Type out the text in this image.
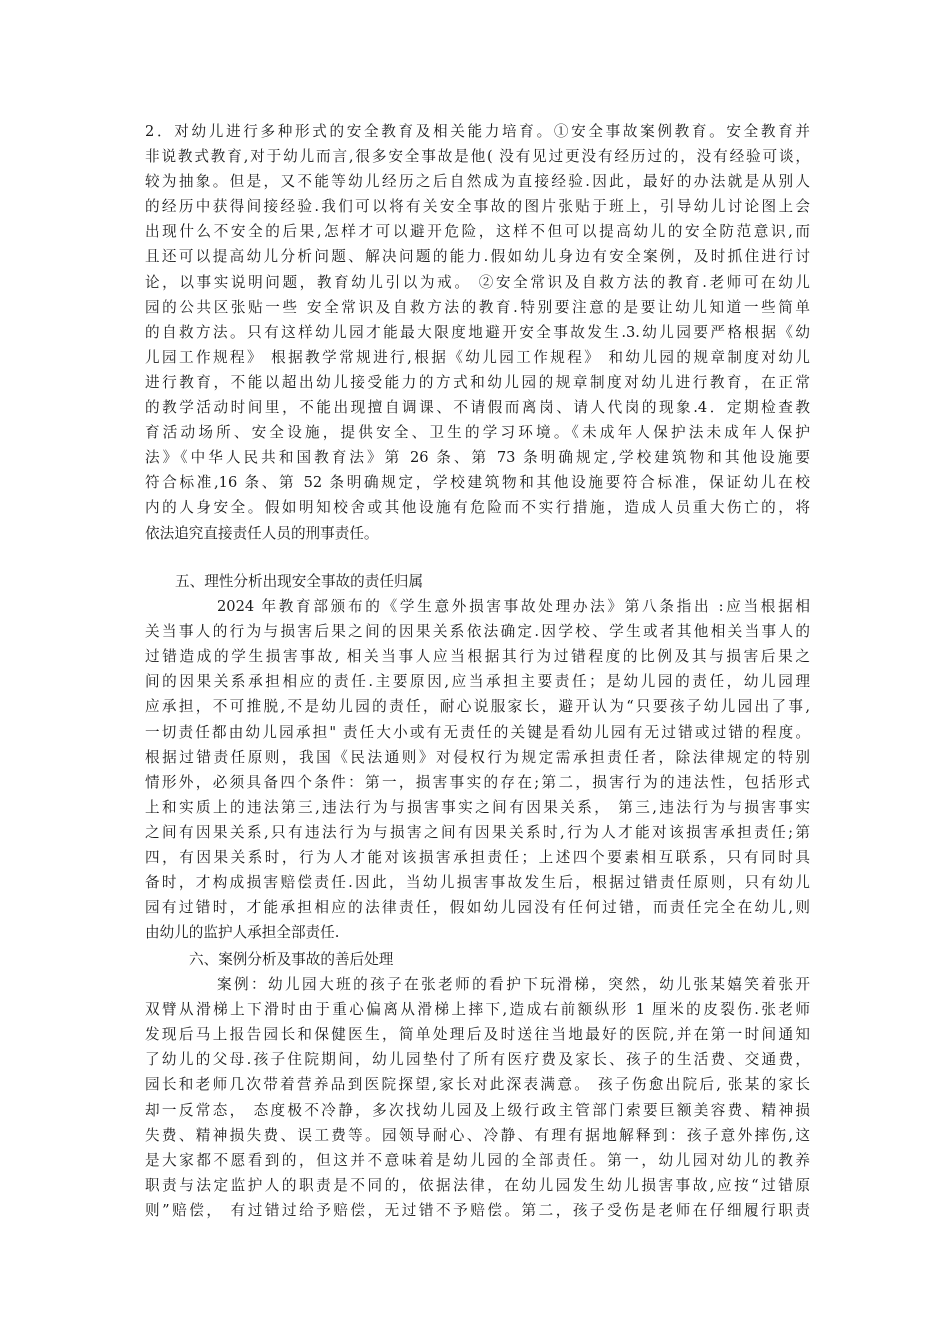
2．对幼儿进行多种形式的安全教育及相关能力培育。①安全事故案例教育。安全教育并
非说教式教育,对于幼儿而言,很多安全事故是他( 没有见过更没有经历过的，没有经验可谈，
较为抽象。但是，又不能等幼儿经历之后自然成为直接经验.因此，最好的办法就是从别人
的经历中获得间接经验.我们可以将有关安全事故的图片张贴于班上，引导幼儿讨论图上会
出现什么不安全的后果,怎样才可以避开危险，这样不但可以提高幼儿的安全防范意识,而
且还可以提高幼儿分析问题、解决问题的能力.假如幼儿身边有安全案例，及时抓住进行讨
论，以事实说明问题，教育幼儿引以为戒。 ②安全常识及自救方法的教育.老师可在幼儿
园的公共区张贴一些 安全常识及自救方法的教育.特别要注意的是要让幼儿知道一些简单
的自救方法。只有这样幼儿园才能最大限度地避开安全事故发生.3.幼儿园要严格根据《幼
儿园工作规程》 根据教学常规进行,根据《幼儿园工作规程》 和幼儿园的规章制度对幼儿
进行教育，不能以超出幼儿接受能力的方式和幼儿园的规章制度对幼儿进行教育，在正常
的教学活动时间里，不能出现擅自调课、不请假而离岗、请人代岗的现象.4．定期检查教
育活动场所、安全设施，提供安全、卫生的学习环境。《未成年人保护法未成年人保护
法》《中华人民共和国教育法》第 26 条、第 73 条明确规定,学校建筑物和其他设施要
符合标准,16 条、第 52 条明确规定，学校建筑物和其他设施要符合标准，保证幼儿在校
内的人身安全。假如明知校舍或其他设施有危险而不实行措施，造成人员重大伤亡的，将
依法追究直接责任人员的刑事责任。
五、理性分析出现安全事故的责任归属
2024 年教育部颁布的《学生意外损害事故处理办法》第八条指出 :应当根据相
关当事人的行为与损害后果之间的因果关系依法确定.因学校、学生或者其他相关当事人的
过错造成的学生损害事故, 相关当事人应当根据其行为过错程度的比例及其与损害后果之
间的因果关系承担相应的责任.主要原因,应当承担主要责任；是幼儿园的责任，幼儿园理
应承担，不可推脱,不是幼儿园的责任，耐心说服家长，避开认为“只要孩子幼儿园出了事,
一切责任都由幼儿园承担" 责任大小或有无责任的关键是看幼儿园有无过错或过错的程度。
根据过错责任原则，我国《民法通则》对侵权行为规定需承担责任者，除法律规定的特别
情形外，必须具备四个条件：第一，损害事实的存在;第二，损害行为的违法性，包括形式
上和实质上的违法第三,违法行为与损害事实之间有因果关系， 第三,违法行为与损害事实
之间有因果关系,只有违法行为与损害之间有因果关系时,行为人才能对该损害承担责任;第
四，有因果关系时，行为人才能对该损害承担责任；上述四个要素相互联系，只有同时具
备时，才构成损害赔偿责任.因此，当幼儿损害事故发生后，根据过错责任原则，只有幼儿
园有过错时，才能承担相应的法律责任，假如幼儿园没有任何过错，而责任完全在幼儿,则
由幼儿的监护人承担全部责任.
六、案例分析及事故的善后处理
案例：幼儿园大班的孩子在张老师的看护下玩滑梯，突然，幼儿张某嬉笑着张开
双臂从滑梯上下滑时由于重心偏离从滑梯上摔下,造成右前额纵形 1 厘米的皮裂伤.张老师
发现后马上报告园长和保健医生，简单处理后及时送往当地最好的医院,并在第一时间通知
了幼儿的父母.孩子住院期间，幼儿园垫付了所有医疗费及家长、孩子的生活费、交通费，
园长和老师几次带着营养品到医院探望,家长对此深表满意。 孩子伤愈出院后, 张某的家长
却一反常态， 态度极不冷静，多次找幼儿园及上级行政主管部门索要巨额美容费、精神损
失费、精神损失费、误工费等。园领导耐心、冷静、有理有据地解释到：孩子意外摔伤,这
是大家都不愿看到的，但这并不意味着是幼儿园的全部责任。第一，幼儿园对幼儿的教养
职责与法定监护人的职责是不同的，依据法律，在幼儿园发生幼儿损害事故,应按“过错原
则”赔偿， 有过错过给予赔偿，无过错不予赔偿。第二，孩子受伤是老师在仔细履行职责
